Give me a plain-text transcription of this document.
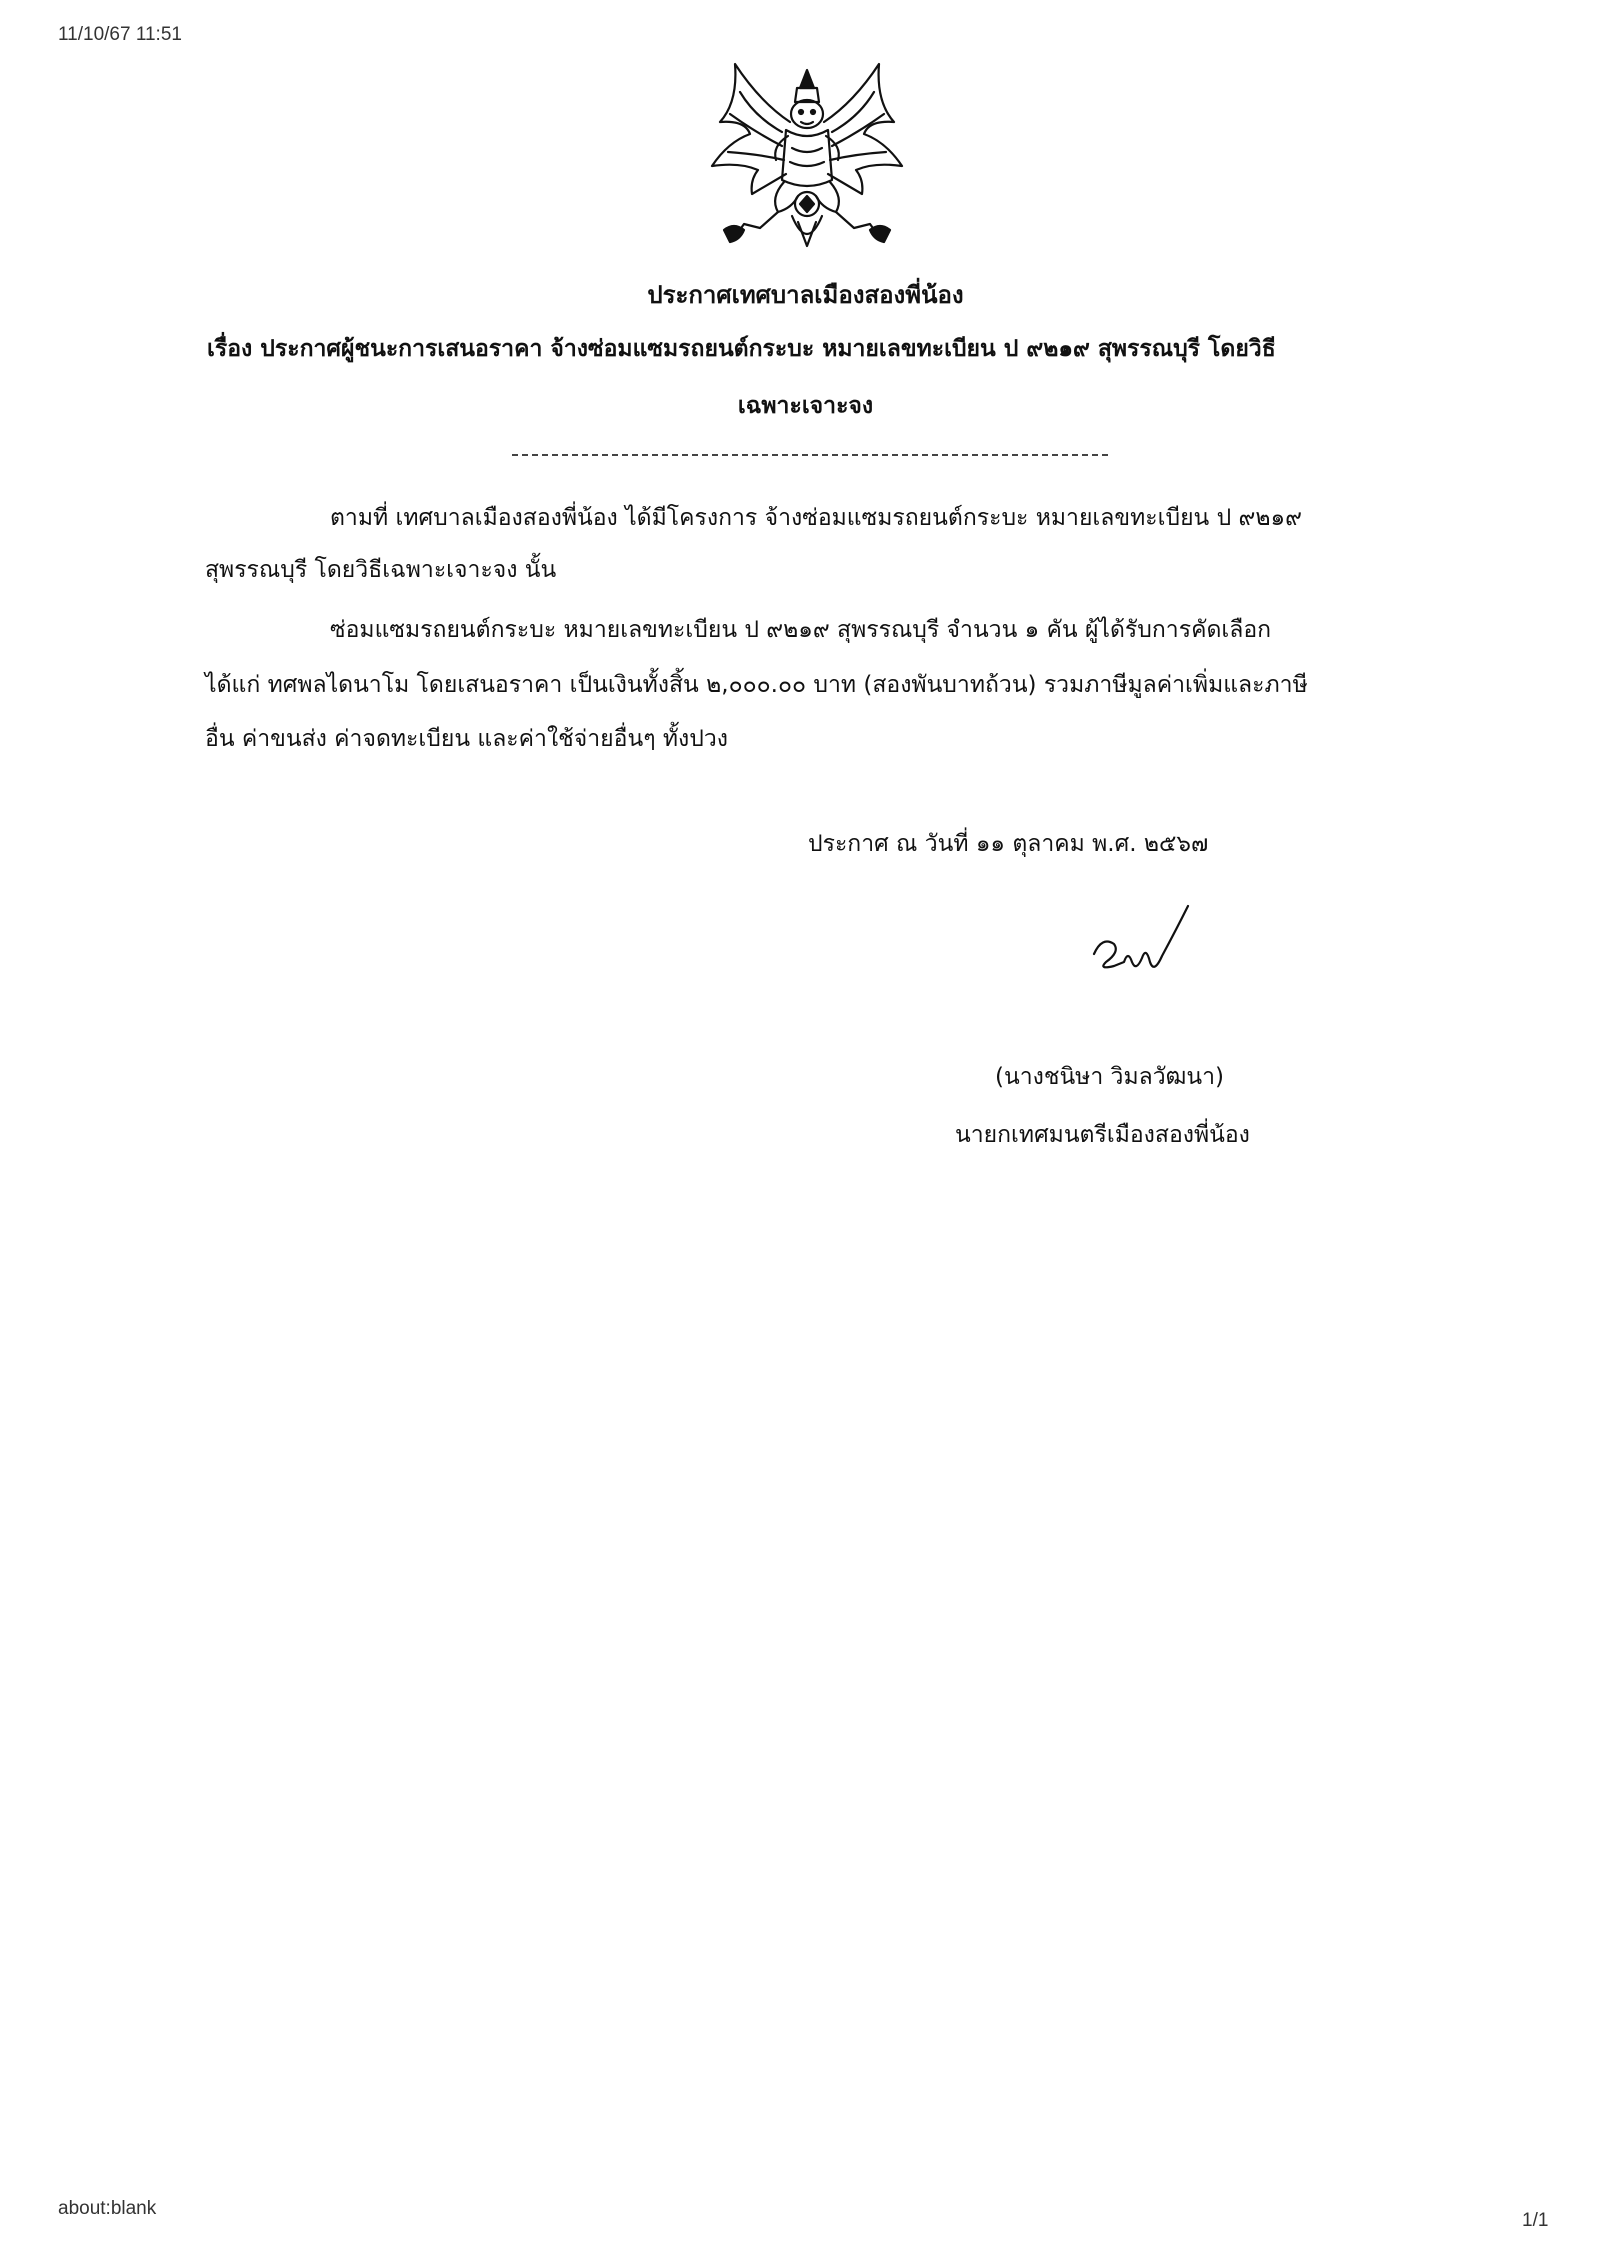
11/10/67 11:51
ประกาศเทศบาลเมืองสองพี่น้อง
เรื่อง ประกาศผู้ชนะการเสนอราคา จ้างซ่อมแซมรถยนต์กระบะ หมายเลขทะเบียน ป ๙๒๑๙ สุพรรณบุรี โดยวิธี
เฉพาะเจาะจง
ตามที่ เทศบาลเมืองสองพี่น้อง ได้มีโครงการ จ้างซ่อมแซมรถยนต์กระบะ หมายเลขทะเบียน ป ๙๒๑๙
สุพรรณบุรี โดยวิธีเฉพาะเจาะจง นั้น
ซ่อมแซมรถยนต์กระบะ หมายเลขทะเบียน ป ๙๒๑๙ สุพรรณบุรี จำนวน ๑ คัน ผู้ได้รับการคัดเลือก
ได้แก่ ทศพลไดนาโม โดยเสนอราคา เป็นเงินทั้งสิ้น ๒,๐๐๐.๐๐ บาท (สองพันบาทถ้วน) รวมภาษีมูลค่าเพิ่มและภาษี
อื่น ค่าขนส่ง ค่าจดทะเบียน และค่าใช้จ่ายอื่นๆ ทั้งปวง
ประกาศ ณ วันที่ ๑๑ ตุลาคม พ.ศ. ๒๕๖๗
(นางชนิษา วิมลวัฒนา)
นายกเทศมนตรีเมืองสองพี่น้อง
about:blank
1/1
